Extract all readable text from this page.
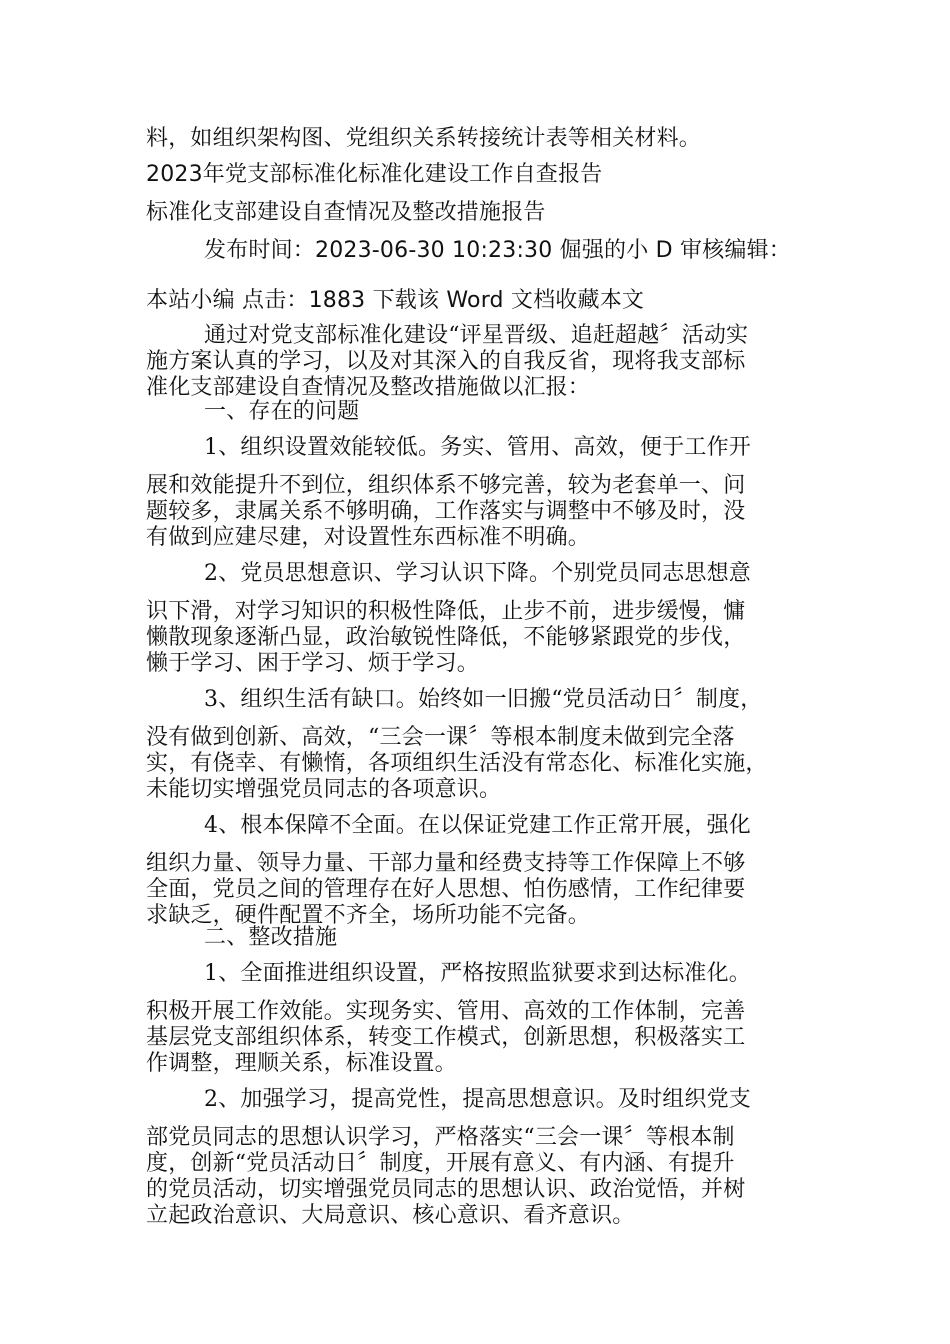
料，如组织架构图、党组织关系转接统计表等相关材料。
2023年党支部标准化标准化建设工作自查报告
标准化支部建设自查情况及整改措施报告
发布时间：2023-06-30 10:23:30 倔强的小 D 审核编辑：
本站小编 点击：1883 下载该 Word 文档收藏本文
通过对党支部标准化建设“评星晋级、追赶超越〞活动实
施方案认真的学习，以及对其深入的自我反省，现将我支部标
准化支部建设自查情况及整改措施做以汇报：
一、存在的问题
1、组织设置效能较低。务实、管用、高效，便于工作开
展和效能提升不到位，组织体系不够完善，较为老套单一、问
题较多，隶属关系不够明确，工作落实与调整中不够及时，没
有做到应建尽建，对设置性东西标准不明确。
2、党员思想意识、学习认识下降。个别党员同志思想意
识下滑，对学习知识的积极性降低，止步不前，进步缓慢，慵
懒散现象逐渐凸显，政治敏锐性降低，不能够紧跟党的步伐，
懒于学习、困于学习、烦于学习。
3、组织生活有缺口。始终如一旧搬“党员活动日〞制度，
没有做到创新、高效，“三会一课〞等根本制度未做到完全落
实，有侥幸、有懒惰，各项组织生活没有常态化、标准化实施，
未能切实增强党员同志的各项意识。
4、根本保障不全面。在以保证党建工作正常开展，强化
组织力量、领导力量、干部力量和经费支持等工作保障上不够
全面，党员之间的管理存在好人思想、怕伤感情，工作纪律要
求缺乏，硬件配置不齐全，场所功能不完备。
二、整改措施
1、全面推进组织设置，严格按照监狱要求到达标准化。
积极开展工作效能。实现务实、管用、高效的工作体制，完善
基层党支部组织体系，转变工作模式，创新思想，积极落实工
作调整，理顺关系，标准设置。
2、加强学习，提高党性，提高思想意识。及时组织党支
部党员同志的思想认识学习，严格落实“三会一课〞等根本制
度，创新“党员活动日〞制度，开展有意义、有内涵、有提升
的党员活动，切实增强党员同志的思想认识、政治觉悟，并树
立起政治意识、大局意识、核心意识、看齐意识。
